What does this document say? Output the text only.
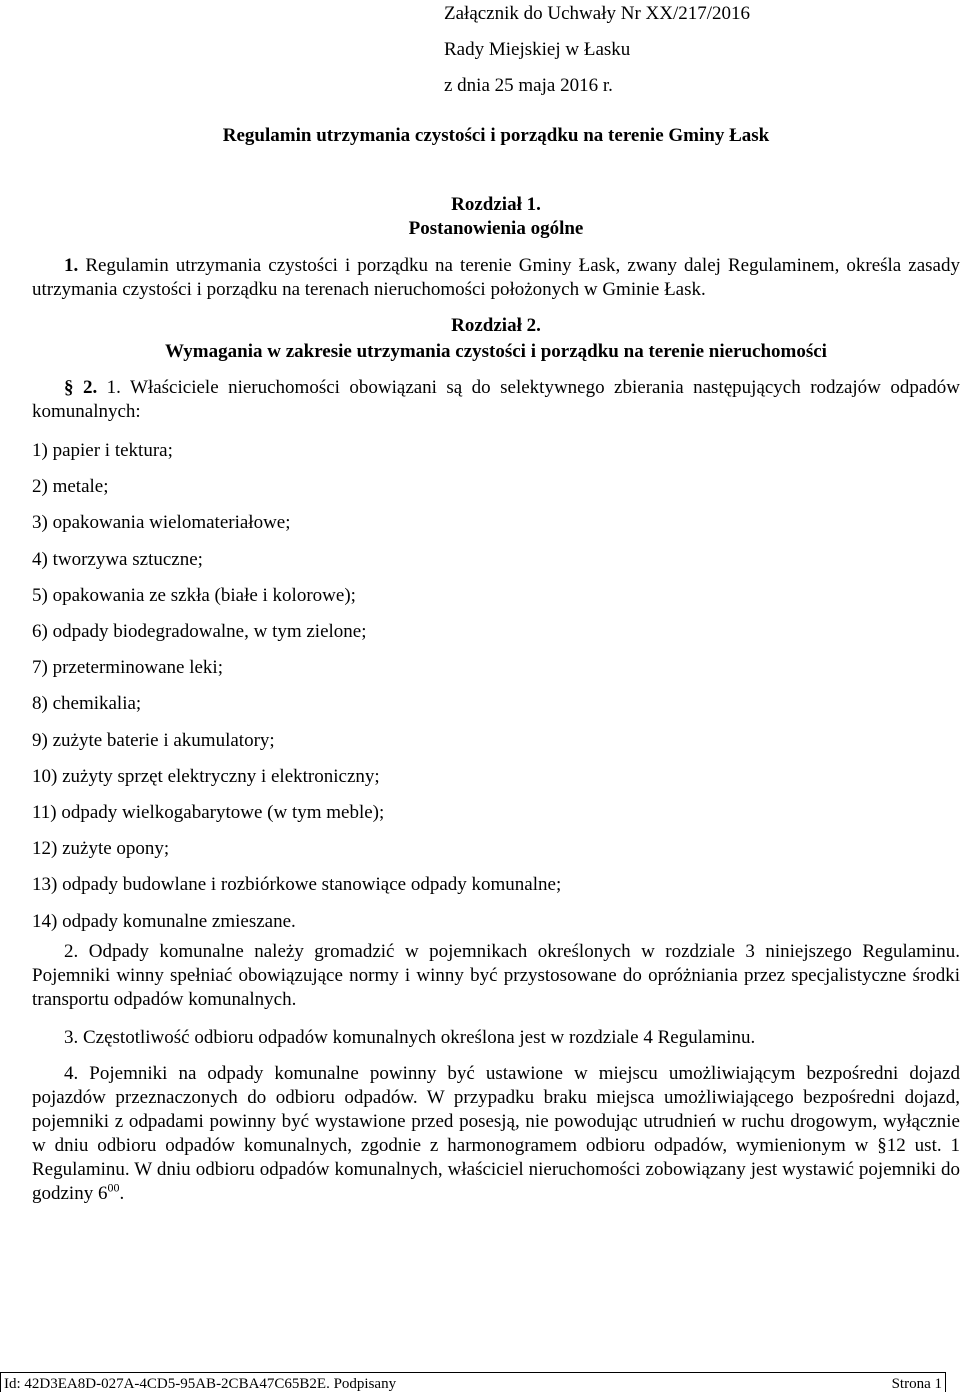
Załącznik do Uchwały Nr XX/217/2016
Rady Miejskiej w Łasku
z dnia 25 maja 2016 r.
Regulamin utrzymania czystości i porządku na terenie Gminy Łask
Rozdział 1.
Postanowienia ogólne
1. Regulamin utrzymania czystości i porządku na terenie Gminy Łask, zwany dalej Regulaminem, określa zasady utrzymania czystości i porządku na terenach nieruchomości położonych w Gminie Łask.
Rozdział 2.
Wymagania w zakresie utrzymania czystości i porządku na terenie nieruchomości
§ 2. 1. Właściciele nieruchomości obowiązani są do selektywnego zbierania następujących rodzajów odpadów komunalnych:
1) papier i tektura;
2) metale;
3) opakowania wielomateriałowe;
4) tworzywa sztuczne;
5) opakowania ze szkła (białe i kolorowe);
6) odpady biodegradowalne, w tym zielone;
7) przeterminowane leki;
8) chemikalia;
9) zużyte baterie i akumulatory;
10) zużyty sprzęt elektryczny i elektroniczny;
11) odpady wielkogabarytowe (w tym meble);
12) zużyte opony;
13) odpady budowlane i rozbiórkowe stanowiące odpady komunalne;
14) odpady komunalne zmieszane.
2. Odpady komunalne należy gromadzić w pojemnikach określonych w rozdziale 3 niniejszego Regulaminu. Pojemniki winny spełniać obowiązujące normy i winny być przystosowane do opróżniania przez specjalistyczne środki transportu odpadów komunalnych.
3. Częstotliwość odbioru odpadów komunalnych określona jest w rozdziale 4 Regulaminu.
4. Pojemniki na odpady komunalne powinny być ustawione w miejscu umożliwiającym bezpośredni dojazd pojazdów przeznaczonych do odbioru odpadów. W przypadku braku miejsca umożliwiającego bezpośredni dojazd, pojemniki z odpadami powinny być wystawione przed posesją, nie powodując utrudnień w ruchu drogowym, wyłącznie w dniu odbioru odpadów komunalnych, zgodnie z harmonogramem odbioru odpadów, wymienionym w §12 ust. 1 Regulaminu. W dniu odbioru odpadów komunalnych, właściciel nieruchomości zobowiązany jest wystawić pojemniki do godziny $6^{00}$.
Id: 42D3EA8D-027A-4CD5-95AB-2CBA47C65B2E. Podpisany	Strona 1
